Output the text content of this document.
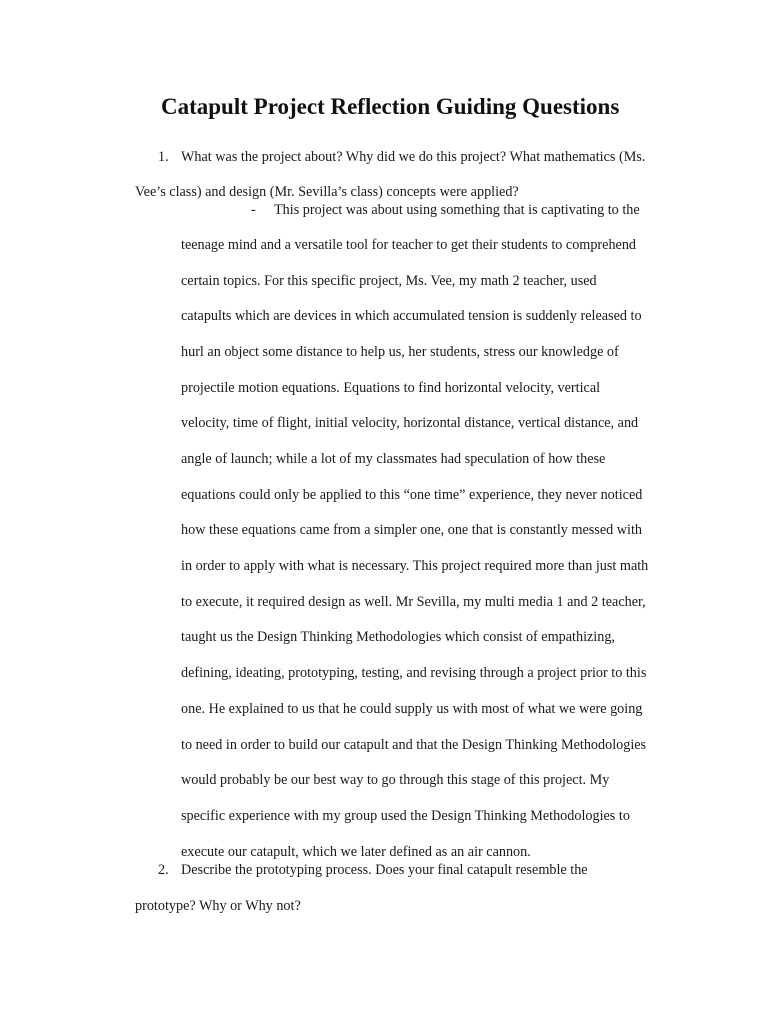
Catapult Project Reflection Guiding Questions
1. What was the project about? Why did we do this project? What mathematics (Ms.
Vee’s class) and design (Mr. Sevilla’s class) concepts were applied?
- This project was about using something that is captivating to the
teenage mind and a versatile tool for teacher to get their students to comprehend
certain topics. For this specific project, Ms. Vee, my math 2 teacher, used
catapults which are devices in which accumulated tension is suddenly released to
hurl an object some distance to help us, her students, stress our knowledge of
projectile motion equations. Equations to find horizontal velocity, vertical
velocity, time of flight, initial velocity, horizontal distance, vertical distance, and
angle of launch; while a lot of my classmates had speculation of how these
equations could only be applied to this “one time” experience, they never noticed
how these equations came from a simpler one, one that is constantly messed with
in order to apply with what is necessary. This project required more than just math
to execute, it required design as well. Mr Sevilla, my multi media 1 and 2 teacher,
taught us the Design Thinking Methodologies which consist of empathizing,
defining, ideating, prototyping, testing, and revising through a project prior to this
one. He explained to us that he could supply us with most of what we were going
to need in order to build our catapult and that the Design Thinking Methodologies
would probably be our best way to go through this stage of this project. My
specific experience with my group used the Design Thinking Methodologies to
execute our catapult, which we later defined as an air cannon.
2. Describe the prototyping process. Does your final catapult resemble the
prototype? Why or Why not?
